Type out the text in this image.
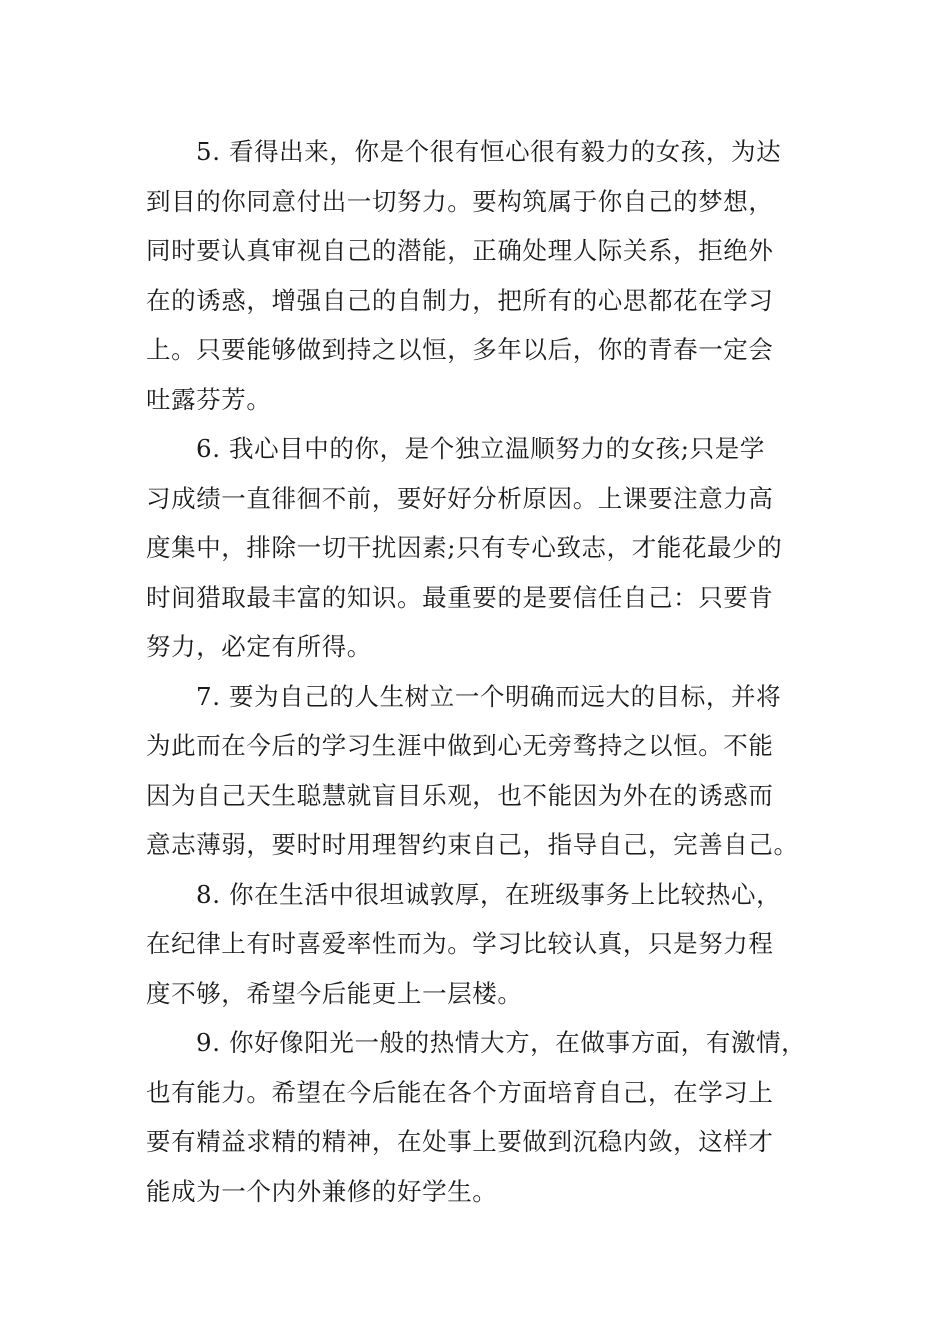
5. 看得出来，你是个很有恒心很有毅力的女孩，为达
到目的你同意付出一切努力。要构筑属于你自己的梦想，
同时要认真审视自己的潜能，正确处理人际关系，拒绝外
在的诱惑，增强自己的自制力，把所有的心思都花在学习
上。只要能够做到持之以恒，多年以后，你的青春一定会
吐露芬芳。
6. 我心目中的你，是个独立温顺努力的女孩;只是学
习成绩一直徘徊不前，要好好分析原因。上课要注意力高
度集中，排除一切干扰因素;只有专心致志，才能花最少的
时间猎取最丰富的知识。最重要的是要信任自己：只要肯
努力，必定有所得。
7. 要为自己的人生树立一个明确而远大的目标，并将
为此而在今后的学习生涯中做到心无旁骛持之以恒。不能
因为自己天生聪慧就盲目乐观，也不能因为外在的诱惑而
意志薄弱，要时时用理智约束自己，指导自己，完善自己。
8. 你在生活中很坦诚敦厚，在班级事务上比较热心，
在纪律上有时喜爱率性而为。学习比较认真，只是努力程
度不够，希望今后能更上一层楼。
9. 你好像阳光一般的热情大方，在做事方面，有激情，
也有能力。希望在今后能在各个方面培育自己，在学习上
要有精益求精的精神，在处事上要做到沉稳内敛，这样才
能成为一个内外兼修的好学生。
